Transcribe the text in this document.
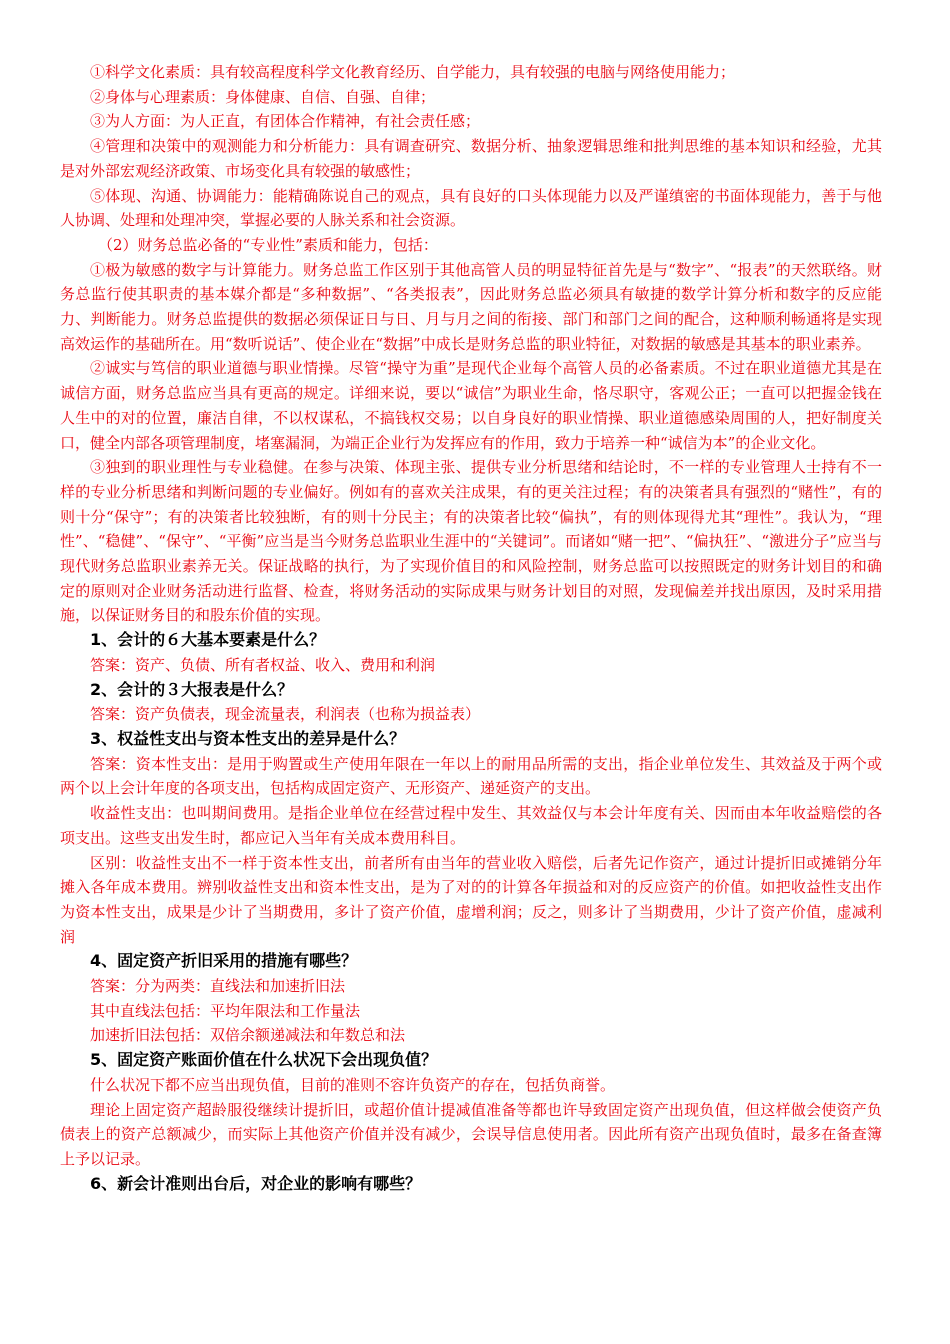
①科学文化素质：具有较高程度科学文化教育经历、自学能力，具有较强的电脑与网络使用能力；

②身体与心理素质：身体健康、自信、自强、自律；

③为人方面：为人正直，有团体合作精神，有社会责任感；

④管理和决策中的观测能力和分析能力：具有调查研究、数据分析、抽象逻辑思维和批判思维的基本知识和经验，尤其是对外部宏观经济政策、市场变化具有较强的敏感性；

⑤体现、沟通、协调能力：能精确陈说自己的观点，具有良好的口头体现能力以及严谨缜密的书面体现能力，善于与他人协调、处理和处理冲突，掌握必要的人脉关系和社会资源。

（2）财务总监必备的“专业性”素质和能力，包括：

①极为敏感的数字与计算能力。财务总监工作区别于其他高管人员的明显特征首先是与“数字”、“报表”的天然联络。财务总监行使其职责的基本媒介都是“多种数据”、“各类报表”，因此财务总监必须具有敏捷的数学计算分析和数字的反应能力、判断能力。财务总监提供的数据必须保证日与日、月与月之间的衔接、部门和部门之间的配合，这种顺利畅通将是实现高效运作的基础所在。用“数听说话”、使企业在“数据”中成长是财务总监的职业特征，对数据的敏感是其基本的职业素养。

②诚实与笃信的职业道德与职业情操。尽管“操守为重”是现代企业每个高管人员的必备素质。不过在职业道德尤其是在诚信方面，财务总监应当具有更高的规定。详细来说，要以“诚信”为职业生命，恪尽职守，客观公正；一直可以把握金钱在人生中的对的位置，廉洁自律，不以权谋私，不搞钱权交易；以自身良好的职业情操、职业道德感染周围的人，把好制度关口，健全内部各项管理制度，堵塞漏洞，为端正企业行为发挥应有的作用，致力于培养一种“诚信为本”的企业文化。

③独到的职业理性与专业稳健。在参与决策、体现主张、提供专业分析思绪和结论时，不一样的专业管理人士持有不一样的专业分析思绪和判断问题的专业偏好。例如有的喜欢关注成果，有的更关注过程；有的决策者具有强烈的“赌性”，有的则十分“保守”；有的决策者比较独断，有的则十分民主；有的决策者比较“偏执”，有的则体现得尤其“理性”。我认为，“理性”、“稳健”、“保守”、“平衡”应当是当今财务总监职业生涯中的“关键词”。而诸如“赌一把”、“偏执狂”、“激进分子”应当与现代财务总监职业素养无关。保证战略的执行，为了实现价值目的和风险控制，财务总监可以按照既定的财务计划目的和确定的原则对企业财务活动进行监督、检查，将财务活动的实际成果与财务计划目的对照，发现偏差并找出原因，及时采用措施，以保证财务目的和股东价值的实现。

1、会计的６大基本要素是什么？

答案：资产、负债、所有者权益、收入、费用和利润

2、会计的３大报表是什么？

答案：资产负债表，现金流量表，利润表（也称为损益表）

3、权益性支出与资本性支出的差异是什么？

答案：资本性支出：是用于购置或生产使用年限在一年以上的耐用品所需的支出，指企业单位发生、其效益及于两个或两个以上会计年度的各项支出，包括构成固定资产、无形资产、递延资产的支出。

收益性支出：也叫期间费用。是指企业单位在经营过程中发生、其效益仅与本会计年度有关、因而由本年收益赔偿的各项支出。这些支出发生时，都应记入当年有关成本费用科目。

区别：收益性支出不一样于资本性支出，前者所有由当年的营业收入赔偿，后者先记作资产，通过计提折旧或摊销分年摊入各年成本费用。辨别收益性支出和资本性支出，是为了对的的计算各年损益和对的反应资产的价值。如把收益性支出作为资本性支出，成果是少计了当期费用，多计了资产价值，虚增利润；反之，则多计了当期费用，少计了资产价值，虚减利润

4、固定资产折旧采用的措施有哪些？

答案：分为两类：直线法和加速折旧法

其中直线法包括：平均年限法和工作量法

加速折旧法包括：双倍余额递减法和年数总和法

5、固定资产账面价值在什么状况下会出现负值？

什么状况下都不应当出现负值，目前的准则不容许负资产的存在，包括负商誉。

理论上固定资产超龄服役继续计提折旧，或超价值计提减值准备等都也许导致固定资产出现负值，但这样做会使资产负债表上的资产总额减少，而实际上其他资产价值并没有减少，会误导信息使用者。因此所有资产出现负值时，最多在备查簿上予以记录。

6、新会计准则出台后，对企业的影响有哪些？
